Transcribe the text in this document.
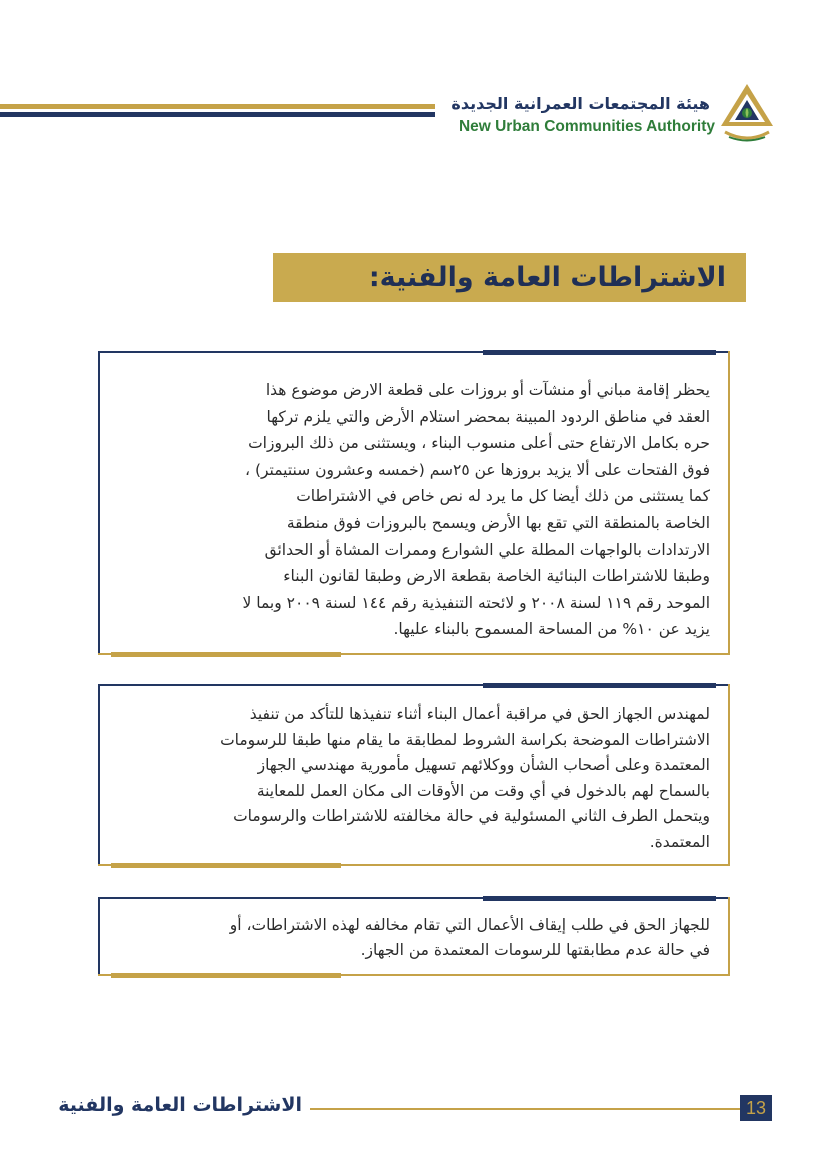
هيئة المجتمعات العمرانية الجديدة
New Urban Communities Authority
الاشتراطات العامة والفنية:
يحظر إقامة مباني أو منشآت أو بروزات على قطعة الارض موضوع هذا
العقد في مناطق الردود المبينة بمحضر استلام الأرض والتي يلزم تركها
حره بكامل الارتفاع حتى أعلى منسوب البناء ، ويستثنى من ذلك البروزات
فوق الفتحات على ألا يزيد بروزها عن ٢٥سم (خمسه وعشرون سنتيمتر) ،
كما يستثنى من ذلك أيضا كل ما يرد له نص خاص في الاشتراطات
الخاصة بالمنطقة التي تقع بها الأرض ويسمح بالبروزات فوق منطقة
الارتدادات بالواجهات المطلة علي الشوارع وممرات المشاة أو الحدائق
وطبقا للاشتراطات البنائية الخاصة بقطعة الارض وطبقا لقانون البناء
الموحد رقم ١١٩ لسنة ٢٠٠٨ و لائحته التنفيذية رقم ١٤٤ لسنة ٢٠٠٩ وبما لا
يزيد عن ١٠% من المساحة المسموح بالبناء عليها.
لمهندس الجهاز الحق في مراقبة أعمال البناء أثناء تنفيذها للتأكد من تنفيذ
الاشتراطات الموضحة بكراسة الشروط لمطابقة ما يقام منها طبقا للرسومات
المعتمدة وعلى أصحاب الشأن ووكلائهم تسهيل مأمورية مهندسي الجهاز
بالسماح لهم بالدخول في أي وقت من الأوقات الى مكان العمل للمعاينة
ويتحمل الطرف الثاني المسئولية في حالة مخالفته للاشتراطات والرسومات
المعتمدة.
للجهاز الحق في طلب إيقاف الأعمال التي تقام مخالفه لهذه الاشتراطات، أو
في حالة عدم مطابقتها للرسومات المعتمدة من الجهاز.
الاشتراطات العامة والفنية	13
